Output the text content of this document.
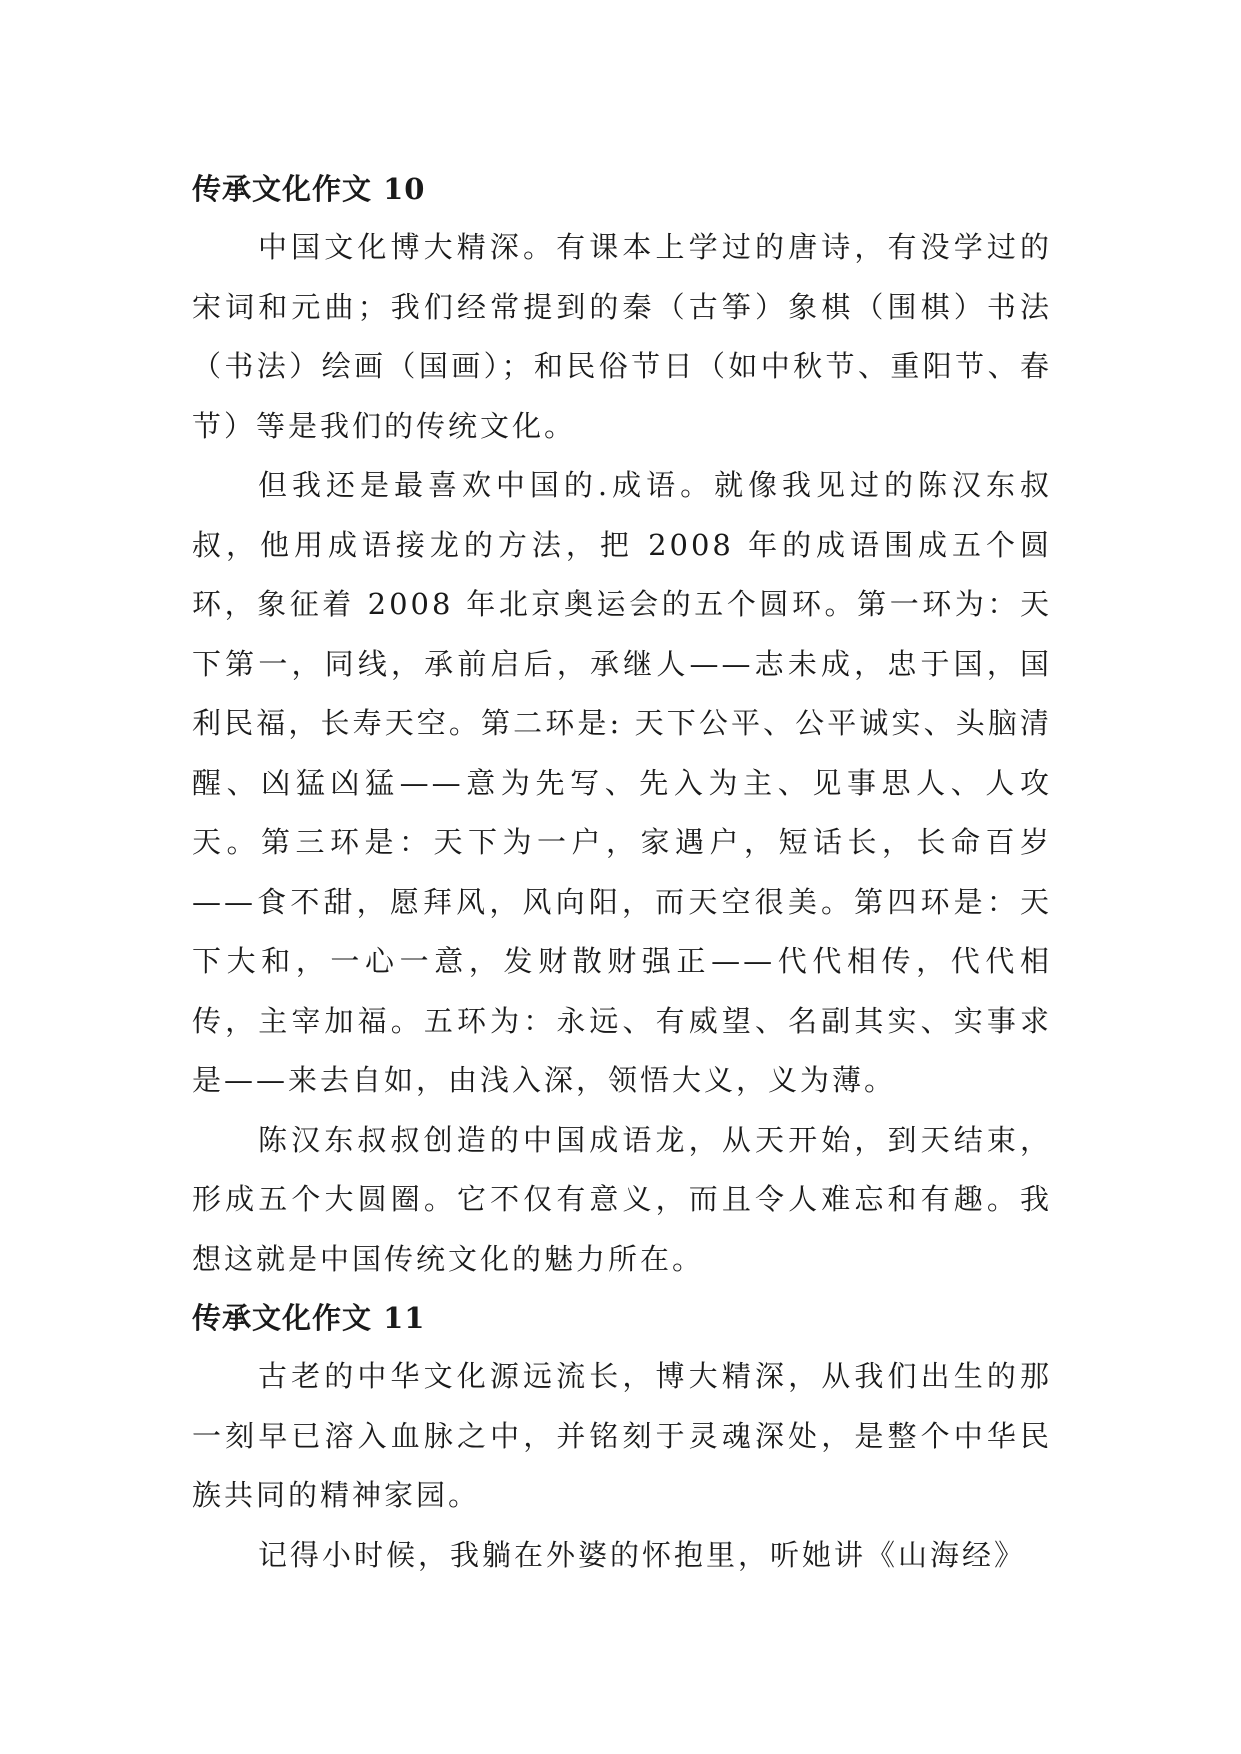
传承文化作文 10

中国文化博大精深。有课本上学过的唐诗，有没学过的宋词和元曲；我们经常提到的秦（古筝）象棋（围棋）书法（书法）绘画（国画）；和民俗节日（如中秋节、重阳节、春节）等是我们的传统文化。

但我还是最喜欢中国的.成语。就像我见过的陈汉东叔叔，他用成语接龙的方法，把 2008 年的成语围成五个圆环，象征着 2008 年北京奥运会的五个圆环。第一环为：天下第一，同线，承前启后，承继人——志未成，忠于国，国利民福，长寿天空。第二环是: 天下公平、公平诚实、头脑清醒、凶猛凶猛——意为先写、先入为主、见事思人、人攻天。第三环是：天下为一户，家遇户，短话长，长命百岁——食不甜，愿拜风，风向阳，而天空很美。第四环是：天下大和，一心一意，发财散财强正——代代相传，代代相传，主宰加福。五环为：永远、有威望、名副其实、实事求是——来去自如，由浅入深，领悟大义，义为薄。

陈汉东叔叔创造的中国成语龙，从天开始，到天结束，形成五个大圆圈。它不仅有意义，而且令人难忘和有趣。我想这就是中国传统文化的魅力所在。

传承文化作文 11

古老的中华文化源远流长，博大精深，从我们出生的那一刻早已溶入血脉之中，并铭刻于灵魂深处，是整个中华民族共同的精神家园。

记得小时候，我躺在外婆的怀抱里，听她讲《山海经》
